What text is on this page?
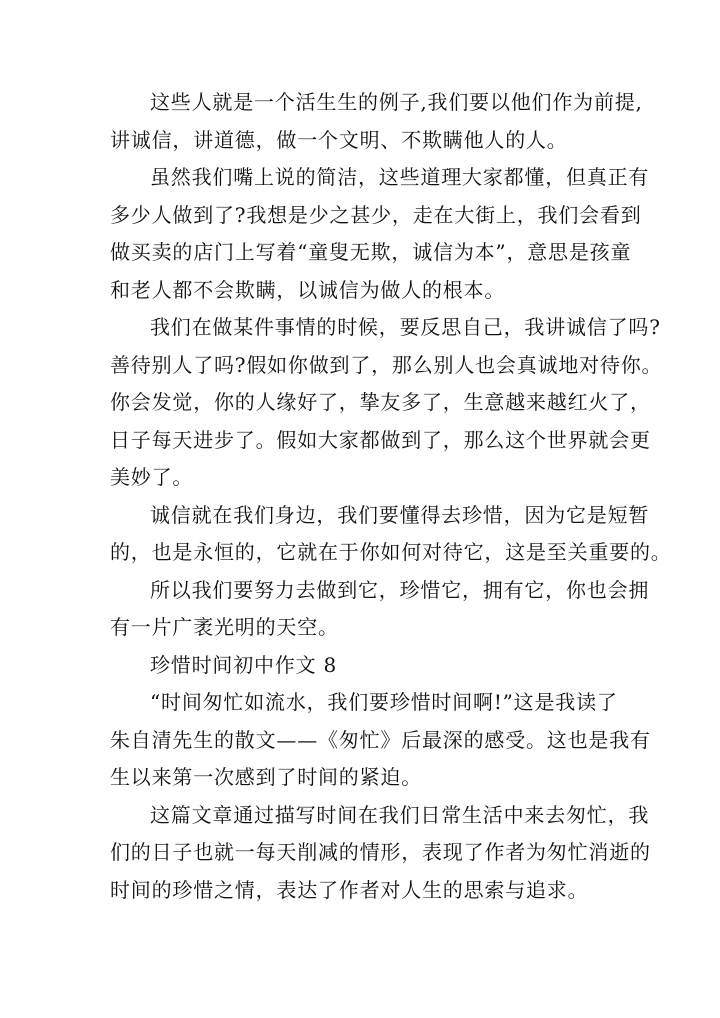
这些人就是一个活生生的例子,我们要以他们作为前提,
讲诚信，讲道德，做一个文明、不欺瞒他人的人。
虽然我们嘴上说的简洁，这些道理大家都懂，但真正有
多少人做到了?我想是少之甚少，走在大街上，我们会看到
做买卖的店门上写着“童叟无欺，诚信为本”，意思是孩童
和老人都不会欺瞒，以诚信为做人的根本。
我们在做某件事情的时候，要反思自己，我讲诚信了吗?
善待别人了吗?假如你做到了，那么别人也会真诚地对待你。
你会发觉，你的人缘好了，挚友多了，生意越来越红火了，
日子每天进步了。假如大家都做到了，那么这个世界就会更
美妙了。
诚信就在我们身边，我们要懂得去珍惜，因为它是短暂
的，也是永恒的，它就在于你如何对待它，这是至关重要的。
所以我们要努力去做到它，珍惜它，拥有它，你也会拥
有一片广袤光明的天空。
珍惜时间初中作文 8
“时间匆忙如流水，我们要珍惜时间啊!”这是我读了
朱自清先生的散文——《匆忙》后最深的感受。这也是我有
生以来第一次感到了时间的紧迫。
这篇文章通过描写时间在我们日常生活中来去匆忙，我
们的日子也就一每天削减的情形，表现了作者为匆忙消逝的
时间的珍惜之情，表达了作者对人生的思索与追求。
